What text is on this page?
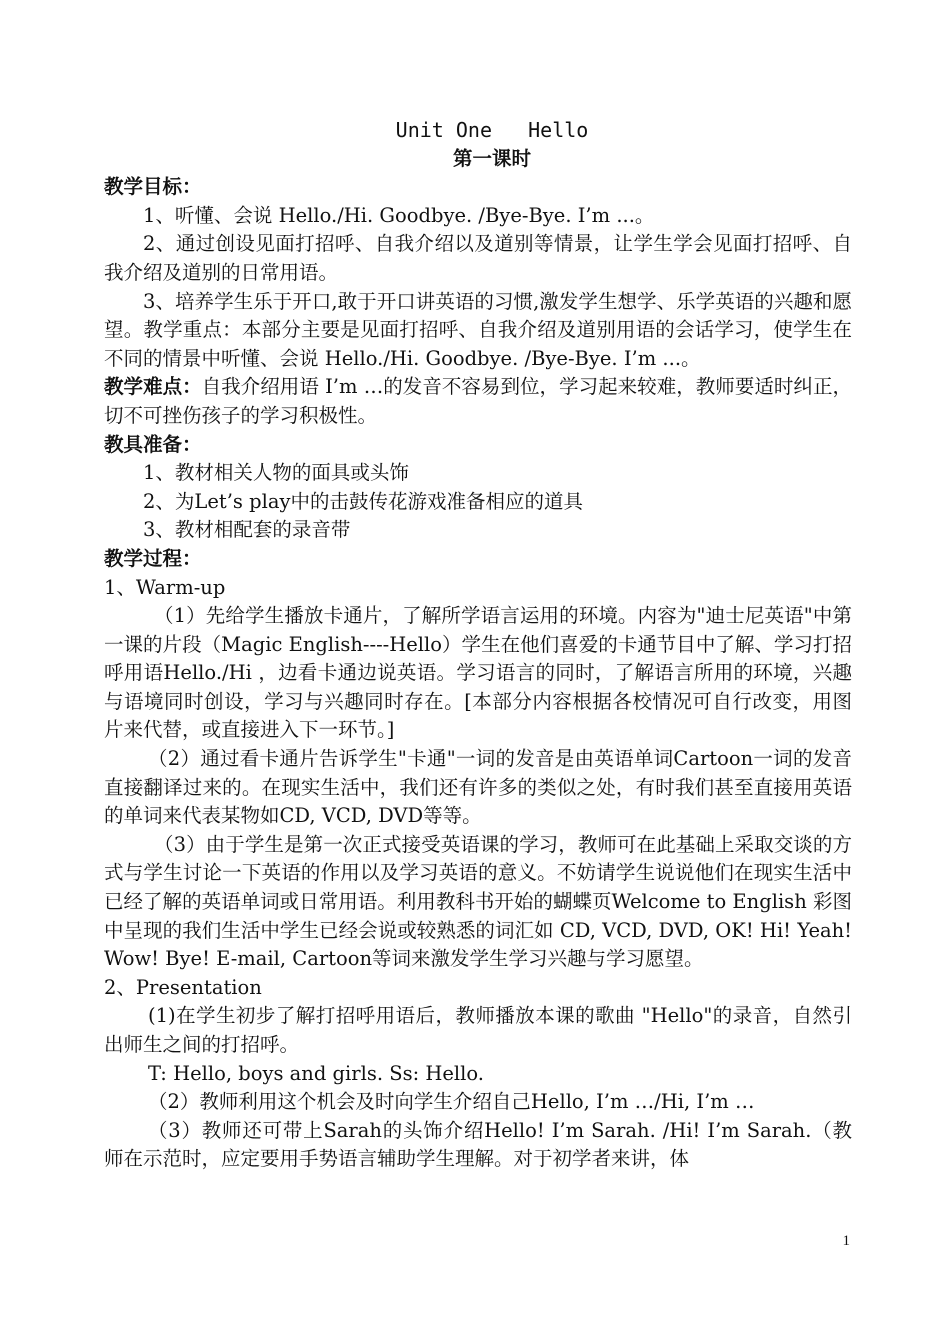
Unit One   Hello
第一课时
教学目标：

1、听懂、会说 Hello./Hi. Goodbye. /Bye-Bye. I’m ...。

2、通过创设见面打招呼、自我介绍以及道别等情景，让学生学会见面打招呼、自我介绍及道别的日常用语。

3、培养学生乐于开口,敢于开口讲英语的习惯,激发学生想学、乐学英语的兴趣和愿望。教学重点：本部分主要是见面打招呼、自我介绍及道别用语的会话学习，使学生在不同的情景中听懂、会说 Hello./Hi. Goodbye. /Bye-Bye. I’m ...。

教学难点：自我介绍用语 I’m …的发音不容易到位，学习起来较难，教师要适时纠正，切不可挫伤孩子的学习积极性。

教具准备：
1、教材相关人物的面具或头饰
2、为Let’s play中的击鼓传花游戏准备相应的道具
3、教材相配套的录音带
教学过程：
1、Warm-up

（1）先给学生播放卡通片，了解所学语言运用的环境。内容为"迪士尼英语"中第一课的片段（Magic English----Hello）学生在他们喜爱的卡通节目中了解、学习打招呼用语Hello./Hi ，边看卡通边说英语。学习语言的同时，了解语言所用的环境，兴趣与语境同时创设，学习与兴趣同时存在。[本部分内容根据各校情况可自行改变，用图片来代替，或直接进入下一环节。]

（2）通过看卡通片告诉学生"卡通"一词的发音是由英语单词Cartoon一词的发音直接翻译过来的。在现实生活中，我们还有许多的类似之处，有时我们甚至直接用英语的单词来代表某物如CD, VCD, DVD等等。

（3）由于学生是第一次正式接受英语课的学习，教师可在此基础上采取交谈的方式与学生讨论一下英语的作用以及学习英语的意义。不妨请学生说说他们在现实生活中已经了解的英语单词或日常用语。利用教科书开始的蝴蝶页Welcome to English 彩图中呈现的我们生活中学生已经会说或较熟悉的词汇如 CD, VCD, DVD, OK! Hi! Yeah! Wow! Bye! E-mail, Cartoon等词来激发学生学习兴趣与学习愿望。

2、Presentation

(1)在学生初步了解打招呼用语后，教师播放本课的歌曲 "Hello"的录音，自然引出师生之间的打招呼。

T: Hello, boys and girls. Ss: Hello.

（2）教师利用这个机会及时向学生介绍自己Hello, I’m …/Hi, I’m …

（3）教师还可带上Sarah的头饰介绍Hello! I’m Sarah. /Hi! I’m Sarah.（教师在示范时，应定要用手势语言辅助学生理解。对于初学者来讲，体

1
